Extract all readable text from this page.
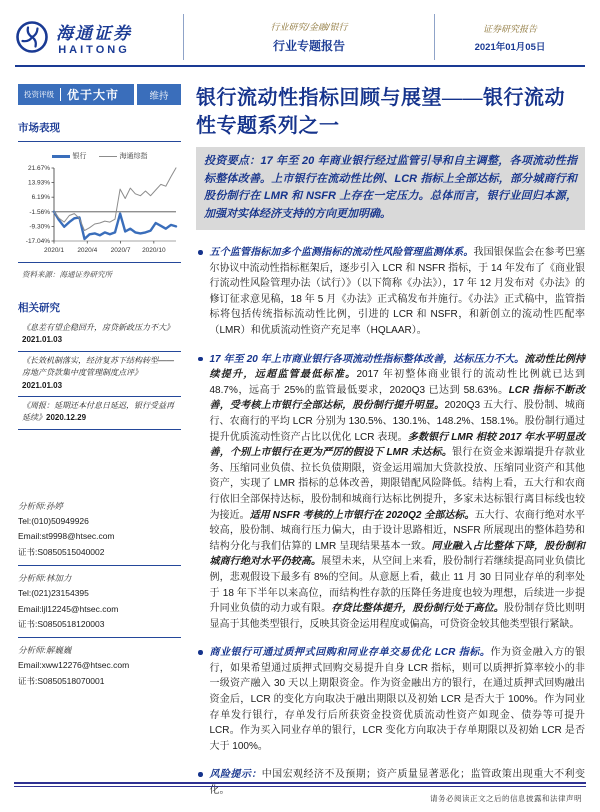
海通证券
HAITONG
行业研究/金融/银行
行业专题报告
证券研究报告
2021年01月05日
投资评级 优于大市	维持
市场表现
银行	海通综指
21.67%
13.93%
6.19%
-1.56%
-9.30%
-17.04%
2020/1 2020/4 2020/7 2020/10
资料来源：海通证券研究所
相关研究
《息差有望企稳回升，房贷新政压力不大》2021.01.03
《长效机制落实，经济复苏下结构转型——房地产贷款集中度管理制度点评》2021.01.03
《周报：延期还本付息日延迟，银行受益再延续》2020.12.29
分析师:孙婷
Tel:(010)50949926
Email:st9998@htsec.com
证书:S0850515040002
分析师:林加力
Tel:(021)23154395
Email:ljl12245@htsec.com
证书:S0850518120003
分析师:解巍巍
Email:xww12276@htsec.com
证书:S0850518070001
银行流动性指标回顾与展望——银行流动
性专题系列之一
投资要点：17 年至 20 年商业银行经过监管引导和自主调整，各项流动性指标整体改善。上市银行在流动性比例、LCR 指标上全部达标，部分城商行和股份制行在 LMR 和 NSFR 上存在一定压力。总体而言，银行业回归本源，加强对实体经济支持的方向更加明确。
五个监管指标加多个监测指标的流动性风险管理监测体系。我国银保监会在参考巴塞尔协议中流动性指标框架后，逐步引入 LCR 和 NSFR 指标，于 14 年发布了《商业银行流动性风险管理办法（试行）》（以下简称《办法》），17 年 12 月发布对《办法》的修订征求意见稿，18 年 5 月《办法》正式稿发布并施行。《办法》正式稿中，监管指标将包括传统指标流动性比例，引进的 LCR 和 NSFR，和新创立的流动性匹配率（LMR）和优质流动性资产充足率（HQLAAR）。
17 年至 20 年上市商业银行各项流动性指标整体改善，达标压力不大。流动性比例持续提升，远超监管最低标准。2017 年初整体商业银行的流动性比例就已达到 48.7%，远高于 25%的监管最低要求，2020Q3 已达到 58.63%。LCR 指标不断改善，受考核上市银行全部达标，股份制行提升明显。2020Q3 五大行、股份制、城商行、农商行的平均 LCR 分别为 130.5%、130.1%、148.2%、158.1%。股份制行通过提升优质流动性资产占比以优化 LCR 表现。多数银行 LMR 相较 2017 年水平明显改善，个别上市银行在更为严厉的假设下 LMR 未达标。银行在资金来源端提升存款业务、压缩同业负债、拉长负债期限，资金运用端加大贷款投放、压缩同业资产和其他资产，实现了 LMR 指标的总体改善，期限错配风险降低。结构上看，五大行和农商行依旧全部保持达标，股份制和城商行达标比例提升，多家未达标银行离目标线也较为接近。适用 NSFR 考核的上市银行在 2020Q2 全部达标。五大行、农商行绝对水平较高，股份制、城商行压力偏大，由于设计思路相近，NSFR 所展现出的整体趋势和结构分化与我们估算的 LMR 呈现结果基本一致。同业融入占比整体下降，股份制和城商行绝对水平仍较高。展望未来，从空间上来看，股份制行若继续提高同业负债比例，悲观假设下最多有 8%的空间。从意愿上看，截止 11 月 30 日同业存单的利率处于 18 年下半年以来高位，而结构性存款的压降任务进度也较为理想，后续进一步提升同业负债的动力或有限。存贷比整体提升，股份制行处于高位。股份制存贷比则明显高于其他类型银行，反映其资金运用程度或偏高，可贷资金较其他类型银行紧缺。
商业银行可通过质押式回购和同业存单交易优化 LCR 指标。作为资金融入方的银行，如果希望通过质押式回购交易提升自身 LCR 指标，则可以质押折算率较小的非一级资产融入 30 天以上期限资金。作为资金融出方的银行，在通过质押式回购融出资金后，LCR 的变化方向取决于融出期限以及初始 LCR 是否大于 100%。作为同业存单发行银行，存单发行后所获资金投资优质流动性资产如现金、债券等可提升 LCR。作为买入同业存单的银行，LCR 变化方向取决于存单期限以及初始 LCR 是否大于 100%。
风险提示：中国宏观经济不及预期；资产质量显著恶化；监管政策出现重大不利变化。
请务必阅读正文之后的信息披露和法律声明
